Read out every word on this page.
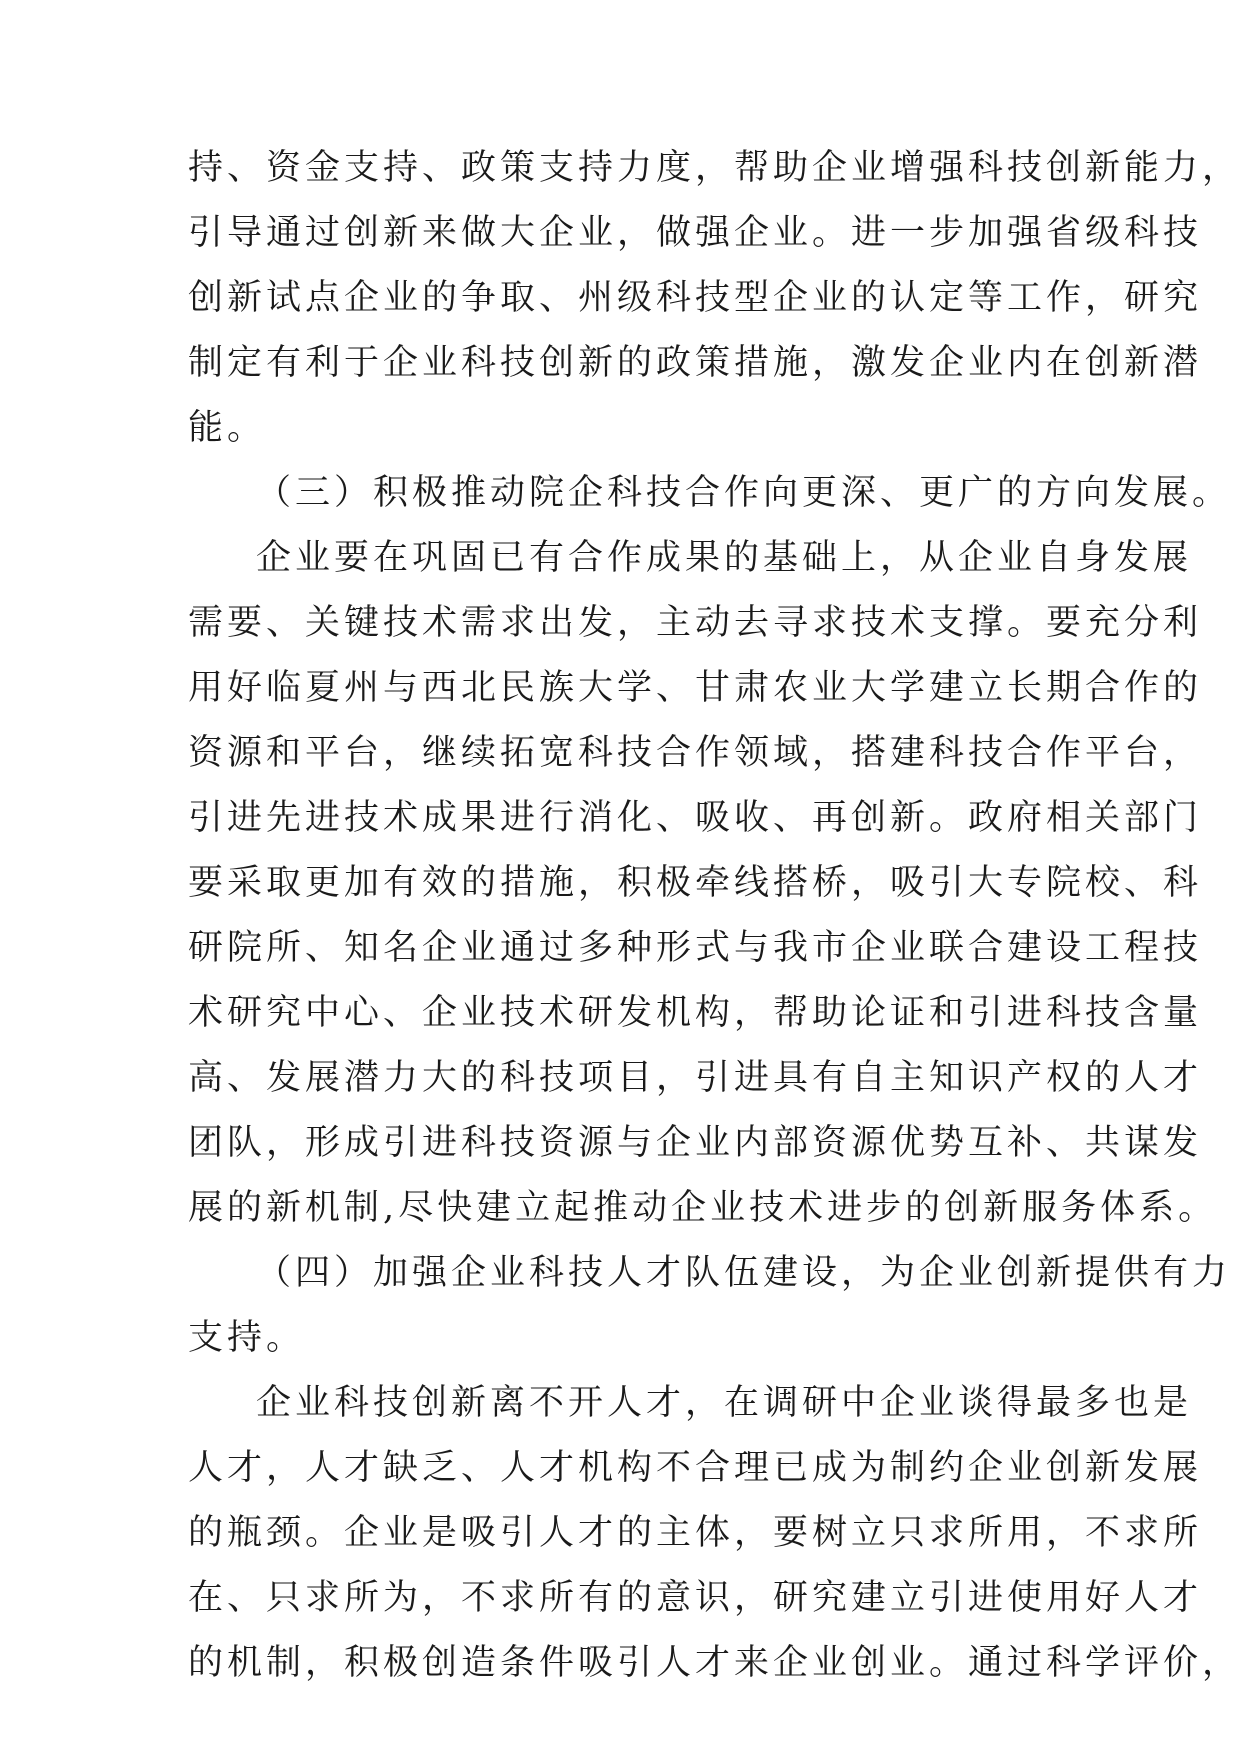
持、资金支持、政策支持力度，帮助企业增强科技创新能力，
引导通过创新来做大企业，做强企业。进一步加强省级科技
创新试点企业的争取、州级科技型企业的认定等工作，研究
制定有利于企业科技创新的政策措施，激发企业内在创新潜
能。
（三）积极推动院企科技合作向更深、更广的方向发展。
企业要在巩固已有合作成果的基础上，从企业自身发展
需要、关键技术需求出发，主动去寻求技术支撑。要充分利
用好临夏州与西北民族大学、甘肃农业大学建立长期合作的
资源和平台，继续拓宽科技合作领域，搭建科技合作平台，
引进先进技术成果进行消化、吸收、再创新。政府相关部门
要采取更加有效的措施，积极牵线搭桥，吸引大专院校、科
研院所、知名企业通过多种形式与我市企业联合建设工程技
术研究中心、企业技术研发机构，帮助论证和引进科技含量
高、发展潜力大的科技项目，引进具有自主知识产权的人才
团队，形成引进科技资源与企业内部资源优势互补、共谋发
展的新机制,尽快建立起推动企业技术进步的创新服务体系。
（四）加强企业科技人才队伍建设，为企业创新提供有力
支持。
企业科技创新离不开人才，在调研中企业谈得最多也是
人才，人才缺乏、人才机构不合理已成为制约企业创新发展
的瓶颈。企业是吸引人才的主体，要树立只求所用，不求所
在、只求所为，不求所有的意识，研究建立引进使用好人才
的机制，积极创造条件吸引人才来企业创业。通过科学评价，
